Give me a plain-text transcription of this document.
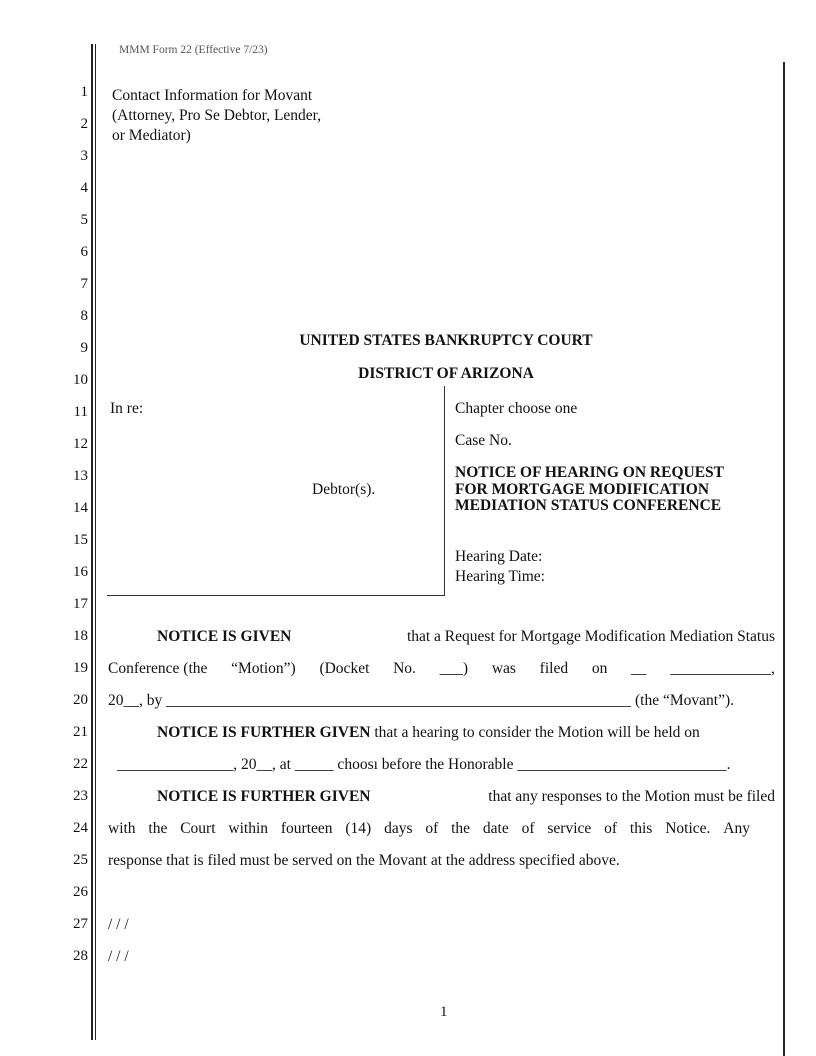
MMM Form 22 (Effective 7/23)
1
2
3
4
5
6
7
8
9
10
11
12
13
14
15
16
17
18
19
20
21
22
23
24
25
26
27
28
Contact Information for Movant
(Attorney, Pro Se Debtor, Lender,
or Mediator)
UNITED STATES BANKRUPTCY COURT
DISTRICT OF ARIZONA
In re:
Debtor(s).
Chapter choose one
Case No.
NOTICE OF HEARING ON REQUEST
FOR MORTGAGE MODIFICATION
MEDIATION STATUS CONFERENCE
Hearing Date:
Hearing Time:
NOTICE IS GIVEN	that a Request for Mortgage Modification Mediation Status
Conference (the “Motion”) (Docket No. ___) was filed on __ _____________,
20__, by ____________________________________________________________ (the “Movant”).
NOTICE IS FURTHER GIVEN that a hearing to consider the Motion will be held on
_______________, 20__, at _____ choosı before the Honorable ___________________________.
NOTICE IS FURTHER GIVEN	that any responses to the Motion must be filed
with the Court within fourteen (14) days of the date of service of this Notice. Any
response that is filed must be served on the Movant at the address specified above.
/ / /
/ / /
1
